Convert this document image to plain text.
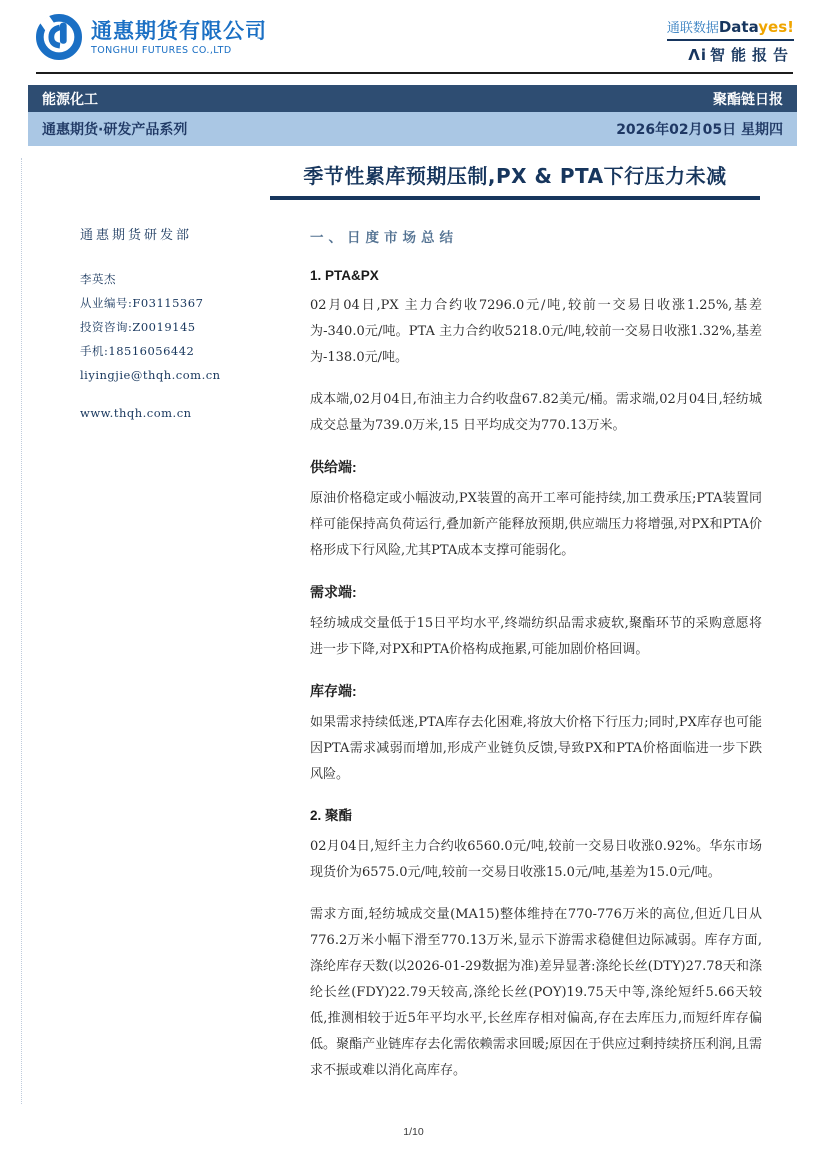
通惠期货有限公司
TONGHUI FUTURES CO.,LTD
通联数据Datayes!
Λi 智能报告
能源化工	聚酯链日报
通惠期货·研发产品系列	2026年02月05日 星期四
季节性累库预期压制,PX & PTA下行压力未减
通惠期货研发部
李英杰
从业编号:F03115367
投资咨询:Z0019145
手机:18516056442
liyingjie@thqh.com.cn
www.thqh.com.cn
一、日度市场总结
1. PTA&PX

02月04日,PX 主力合约收7296.0元/吨,较前一交易日收涨1.25%,基差为-340.0元/吨。PTA 主力合约收5218.0元/吨,较前一交易日收涨1.32%,基差为-138.0元/吨。

成本端,02月04日,布油主力合约收盘67.82美元/桶。需求端,02月04日,轻纺城成交总量为739.0万米,15 日平均成交为770.13万米。

供给端:

原油价格稳定或小幅波动,PX装置的高开工率可能持续,加工费承压;PTA装置同样可能保持高负荷运行,叠加新产能释放预期,供应端压力将增强,对PX和PTA价格形成下行风险,尤其PTA成本支撑可能弱化。

需求端:

轻纺城成交量低于15日平均水平,终端纺织品需求疲软,聚酯环节的采购意愿将进一步下降,对PX和PTA价格构成拖累,可能加剧价格回调。

库存端:

如果需求持续低迷,PTA库存去化困难,将放大价格下行压力;同时,PX库存也可能因PTA需求减弱而增加,形成产业链负反馈,导致PX和PTA价格面临进一步下跌风险。

2. 聚酯

02月04日,短纤主力合约收6560.0元/吨,较前一交易日收涨0.92%。华东市场现货价为6575.0元/吨,较前一交易日收涨15.0元/吨,基差为15.0元/吨。

需求方面,轻纺城成交量(MA15)整体维持在770-776万米的高位,但近几日从776.2万米小幅下滑至770.13万米,显示下游需求稳健但边际减弱。库存方面,涤纶库存天数(以2026-01-29数据为准)差异显著:涤纶长丝(DTY)27.78天和涤纶长丝(FDY)22.79天较高,涤纶长丝(POY)19.75天中等,涤纶短纤5.66天较低,推测相较于近5年平均水平,长丝库存相对偏高,存在去库压力,而短纤库存偏低。聚酯产业链库存去化需依赖需求回暖;原因在于供应过剩持续挤压利润,且需求不振或难以消化高库存。

1/10
